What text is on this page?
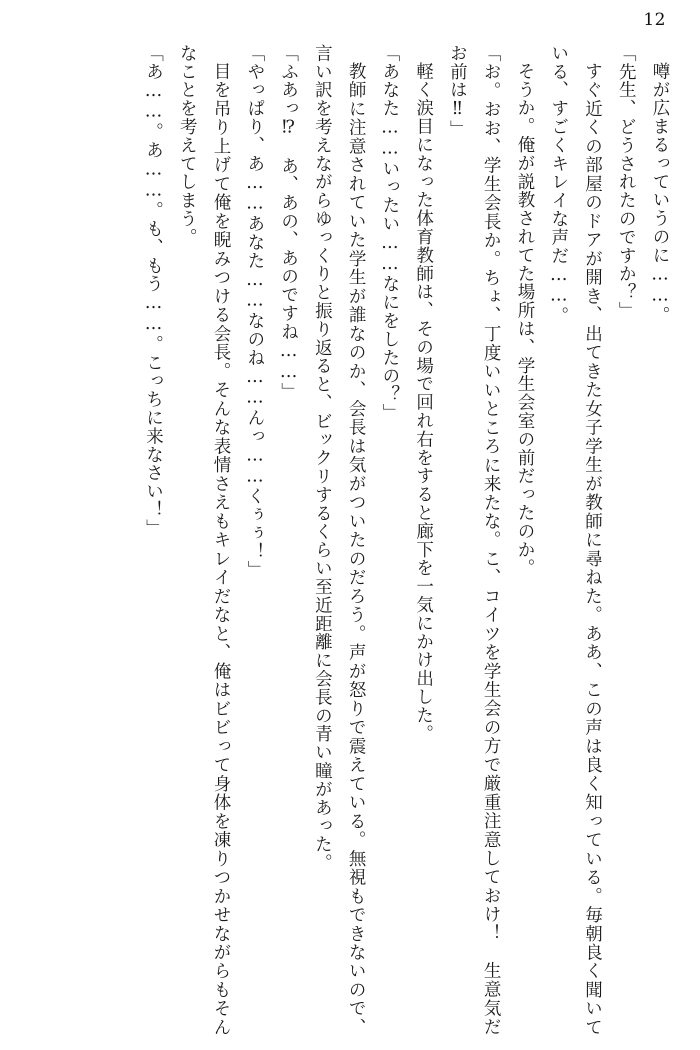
12

噂が広まるっていうのに……。

「先生、どうされたのですか？」

すぐ近くの部屋のドアが開き、出てきた女子学生が教師に尋ねた。ああ、この声は良く知っている。毎朝良く聞いている、すごくキレイな声だ……。

そうか。俺が説教されてた場所は、学生会室の前だったのか。

「お。おお、学生会長か。ちょ、丁度いいところに来たな。こ、コイツを学生会の方で厳重注意しておけ！　生意気だお前は‼」

軽く涙目になった体育教師は、その場で回れ右をすると廊下を一気にかけ出した。

「あなた……いったい……なにをしたの？」

教師に注意されていた学生が誰なのか、会長は気がついたのだろう。声が怒りで震えている。無視もできないので、言い訳を考えながらゆっくりと振り返ると、ビックリするくらい至近距離に会長の青い瞳があった。

「ふあっ⁉　あ、あの、あのですね……」

「やっぱり、あ……あなた……なのね……んっ……くぅぅ！」

目を吊り上げて俺を睨みつける会長。そんな表情さえもキレイだなと、俺はビビって身体を凍りつかせながらもそんなことを考えてしまう。

「あ……。あ……。も、もう……。こっちに来なさい！」
